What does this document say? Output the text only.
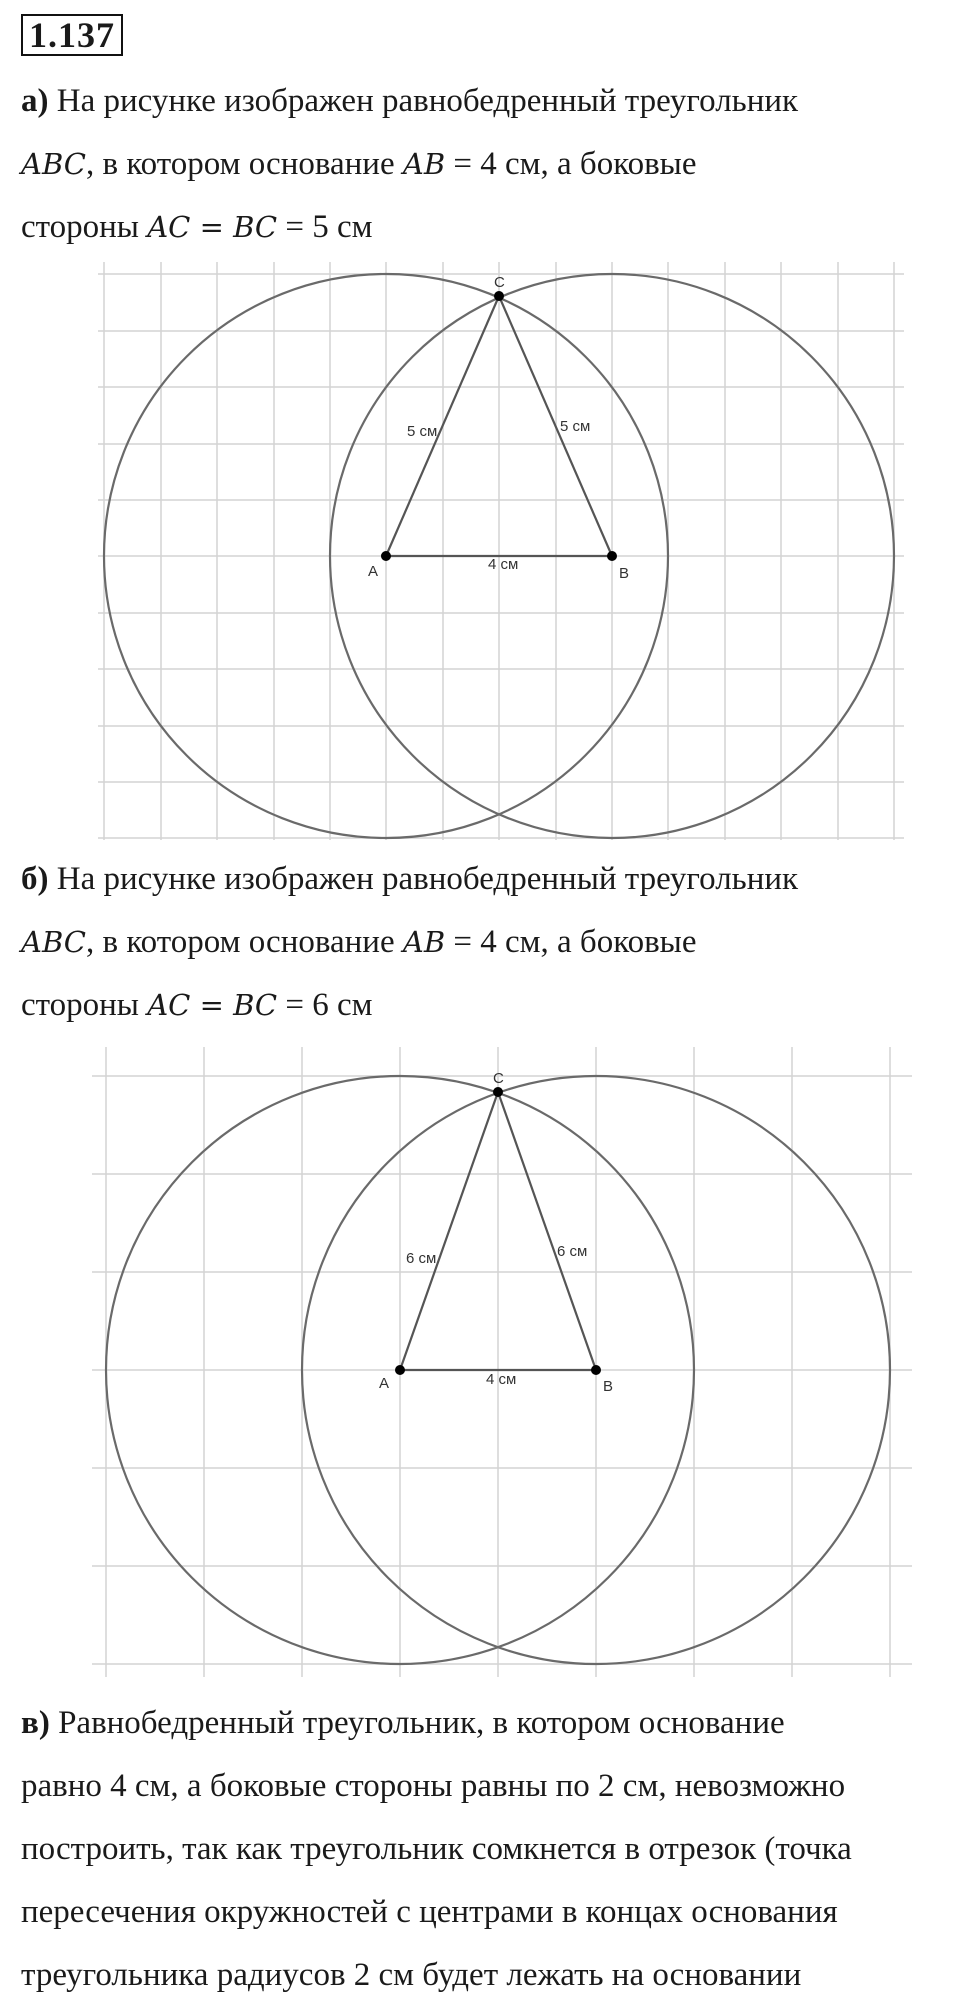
1.137
а) На рисунке изображен равнобедренный треугольник
ABC, в котором основание AB = 4 см, а боковые
стороны AC = BC = 5 см
A	B
C
5 см	5 см
4 см
б) На рисунке изображен равнобедренный треугольник
ABC, в котором основание AB = 4 см, а боковые
стороны AC = BC = 6 см
A	B
C
6 см	6 см
4 см
в) Равнобедренный треугольник, в котором основание
равно 4 см, а боковые стороны равны по 2 см, невозможно
построить, так как треугольник сомкнется в отрезок (точка
пересечения окружностей с центрами в концах основания
треугольника радиусов 2 см будет лежать на основании
